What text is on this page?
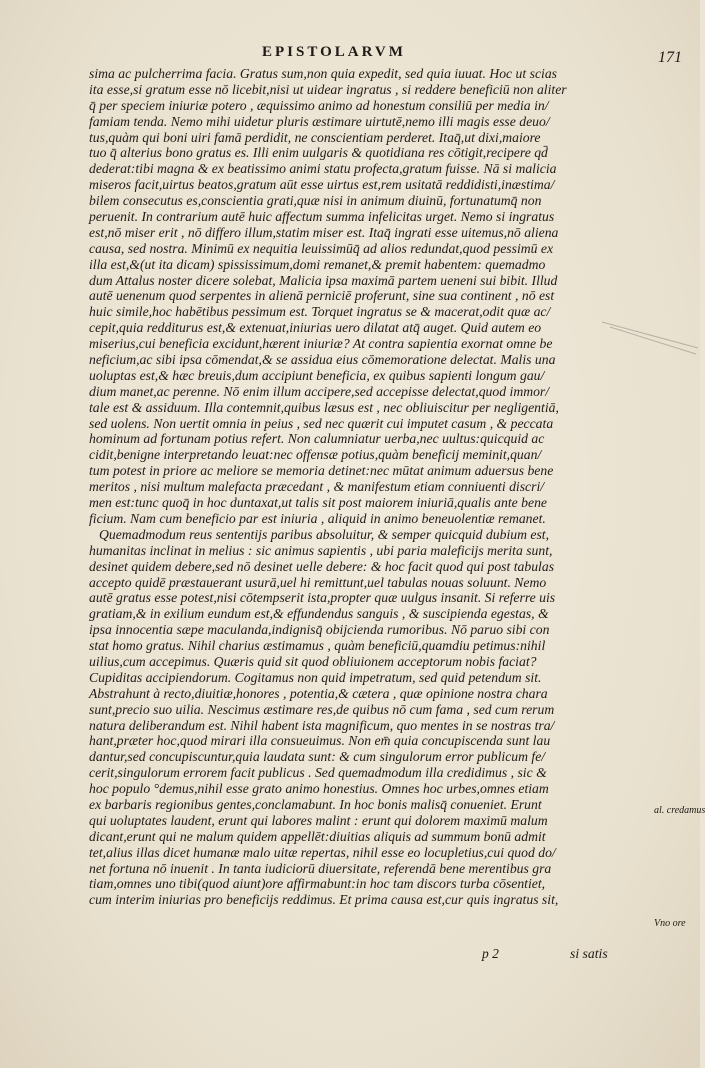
EPISTOLARVM	171
sima ac pulcherrima facia. Gratus sum,non quia expedit, sed quia iuuat. Hoc ut scias
ita esse,si gratum esse nō licebit,nisi ut uidear ingratus , si reddere beneficiū non aliter
q̄ per speciem iniuriæ potero , æquissimo animo ad honestum consiliū per media in/
famiam tenda. Nemo mihi uidetur pluris æstimare uirtutē,nemo illi magis esse deuo/
tus,quàm qui boni uiri famā perdidit, ne conscientiam perderet. Itaq̄,ut dixi,maiore
tuo q̄ alterius bono gratus es. Illi enim uulgaris & quotidiana res cōtigit,recipere qd̄
dederat:tibi magna & ex beatissimo animi statu profecta,gratum fuisse. Nā si malicia
miseros facit,uirtus beatos,gratum aūt esse uirtus est,rem usitatā reddidisti,inæstima/
bilem consecutus es,conscientia grati,quæ nisi in animum diuinū, fortunatumq̄ non
peruenit. In contrarium autē huic affectum summa infelicitas urget. Nemo si ingratus
est,nō miser erit , nō differo illum,statim miser est. Itaq̄ ingrati esse uitemus,nō aliena
causa, sed nostra. Minimū ex nequitia leuissimūq̄ ad alios redundat,quod pessimū ex
illa est,&(ut ita dicam) spississimum,domi remanet,& premit habentem: quemadmo
dum Attalus noster dicere solebat, Malicia ipsa maximā partem ueneni sui bibit. Illud
autē uenenum quod serpentes in alienā perniciē proferunt, sine sua continent , nō est
huic simile,hoc habētibus pessimum est. Torquet ingratus se & macerat,odit quæ ac/
cepit,quia redditurus est,& extenuat,iniurias uero dilatat atq̄ auget. Quid autem eo
miserius,cui beneficia excidunt,hærent iniuriæ? At contra sapientia exornat omne be
neficium,ac sibi ipsa cōmendat,& se assidua eius cōmemoratione delectat. Malis una
uoluptas est,& hæc breuis,dum accipiunt beneficia, ex quibus sapienti longum gau/
dium manet,ac perenne. Nō enim illum accipere,sed accepisse delectat,quod immor/
tale est & assiduum. Illa contemnit,quibus læsus est , nec obliuiscitur per negligentiā,
sed uolens. Non uertit omnia in peius , sed nec quærit cui imputet casum , & peccata
hominum ad fortunam potius refert. Non calumniatur uerba,nec uultus:quicquid ac
cidit,benigne interpretando leuat:nec offensæ potius,quàm beneficij meminit,quan/
tum potest in priore ac meliore se memoria detinet:nec mūtat animum aduersus bene
meritos , nisi multum malefacta præcedant , & manifestum etiam conniuenti discri/
men est:tunc quoq̄ in hoc duntaxat,ut talis sit post maiorem iniuriā,qualis ante bene
ficium. Nam cum beneficio par est iniuria , aliquid in animo beneuolentiæ remanet.
Quemadmodum reus sententijs paribus absoluitur, & semper quicquid dubium est,
humanitas inclinat in melius : sic animus sapientis , ubi paria maleficijs merita sunt,
desinet quidem debere,sed nō desinet uelle debere: & hoc facit quod qui post tabulas
accepto quidē præstauerant usurā,uel hi remittunt,uel tabulas nouas soluunt. Nemo
autē gratus esse potest,nisi cōtempserit ista,propter quæ uulgus insanit. Si referre uis
gratiam,& in exilium eundum est,& effundendus sanguis , & suscipienda egestas, &
ipsa innocentia sæpe maculanda,indignisq̄ obijcienda rumoribus. Nō paruo sibi con
stat homo gratus. Nihil charius æstimamus , quàm beneficiū,quamdiu petimus:nihil
uilius,cum accepimus. Quæris quid sit quod obliuionem acceptorum nobis faciat?
Cupiditas accipiendorum. Cogitamus non quid impetratum, sed quid petendum sit.
Abstrahunt à recto,diuitiæ,honores , potentia,& cætera , quæ opinione nostra chara
sunt,precio suo uilia. Nescimus æstimare res,de quibus nō cum fama , sed cum rerum
natura deliberandum est. Nihil habent ista magnificum, quo mentes in se nostras tra/
hant,præter hoc,quod mirari illa consueuimus. Non em̄ quia concupiscenda sunt lau
dantur,sed concupiscuntur,quia laudata sunt: & cum singulorum error publicum fe/
cerit,singulorum errorem facit publicus . Sed quemadmodum illa credidimus , sic &
hoc populo °demus,nihil esse grato animo honestius. Omnes hoc urbes,omnes etiam
ex barbaris regionibus gentes,conclamabunt. In hoc bonis malisq̄ conueniet. Erunt
qui uoluptates laudent, erunt qui labores malint : erunt qui dolorem maximū malum
dicant,erunt qui ne malum quidem appellēt:diuitias aliquis ad summum bonū admit
tet,alius illas dicet humanæ malo uitæ repertas, nihil esse eo locupletius,cui quod do/
net fortuna nō inuenit . In tanta iudiciorū diuersitate, referendā bene merentibus gra
tiam,omnes uno tibi(quod aiunt)ore affirmabunt:in hoc tam discors turba cōsentiet,
cum interim iniurias pro beneficijs reddimus. Et prima causa est,cur quis ingratus sit,
al. credamus
Vno ore
p 2	si satis
